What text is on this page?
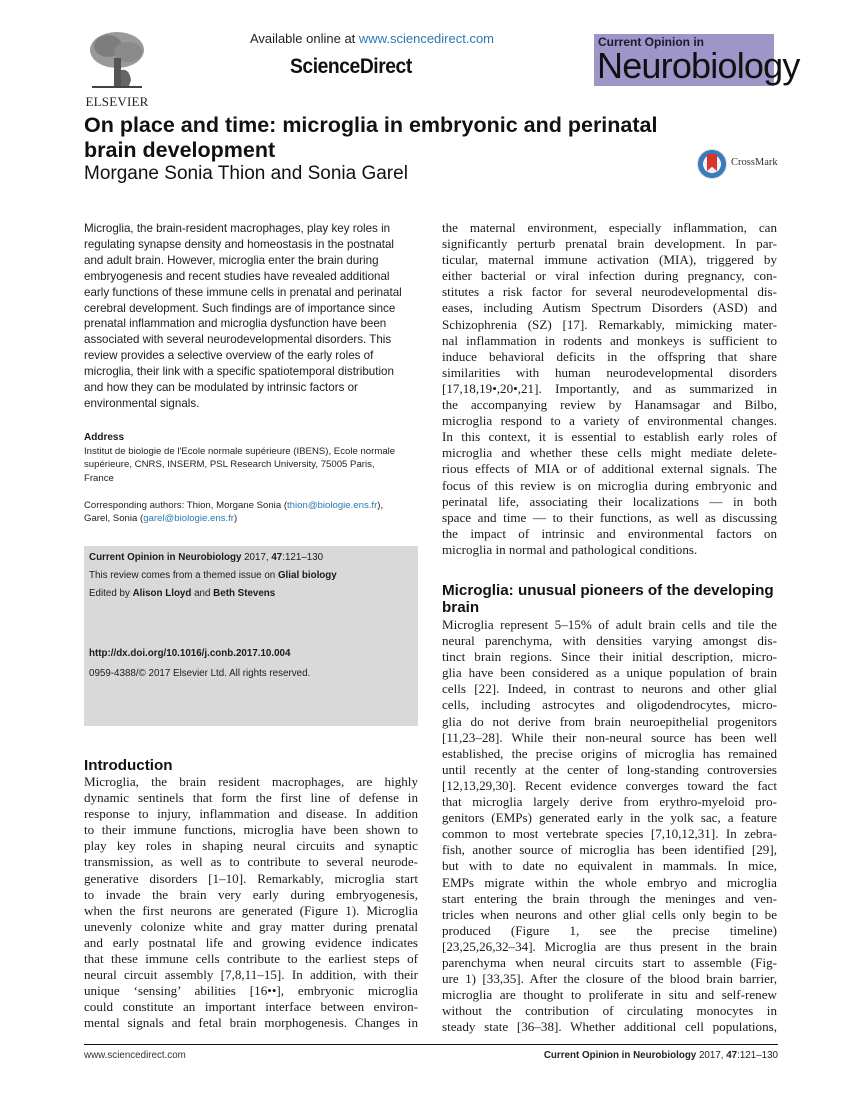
ELSEVIER
Available online at www.sciencedirect.com
ScienceDirect
Current Opinion in
Neurobiology
On place and time: microglia in embryonic and perinatal
brain development
Morgane Sonia Thion and Sonia Garel
CrossMark
Microglia, the brain-resident macrophages, play key roles in
regulating synapse density and homeostasis in the postnatal
and adult brain. However, microglia enter the brain during
embryogenesis and recent studies have revealed additional
early functions of these immune cells in prenatal and perinatal
cerebral development. Such findings are of importance since
prenatal inflammation and microglia dysfunction have been
associated with several neurodevelopmental disorders. This
review provides a selective overview of the early roles of
microglia, their link with a specific spatiotemporal distribution
and how they can be modulated by intrinsic factors or
environmental signals.
Address
Institut de biologie de l'Ecole normale supérieure (IBENS), Ecole normale
supérieure, CNRS, INSERM, PSL Research University, 75005 Paris,
France
Corresponding authors: Thion, Morgane Sonia (thion@biologie.ens.fr),
Garel, Sonia (garel@biologie.ens.fr)
Current Opinion in Neurobiology 2017, 47:121–130
This review comes from a themed issue on Glial biology
Edited by Alison Lloyd and Beth Stevens
http://dx.doi.org/10.1016/j.conb.2017.10.004
0959-4388/© 2017 Elsevier Ltd. All rights reserved.
Introduction
Microglia, the brain resident macrophages, are highly
dynamic sentinels that form the first line of defense in
response to injury, inflammation and disease. In addition
to their immune functions, microglia have been shown to
play key roles in shaping neural circuits and synaptic
transmission, as well as to contribute to several neurode-
generative disorders [1–10]. Remarkably, microglia start
to invade the brain very early during embryogenesis,
when the first neurons are generated (Figure 1). Microglia
unevenly colonize white and gray matter during prenatal
and early postnatal life and growing evidence indicates
that these immune cells contribute to the earliest steps of
neural circuit assembly [7,8,11–15]. In addition, with their
unique ‘sensing’ abilities [16••], embryonic microglia
could constitute an important interface between environ-
mental signals and fetal brain morphogenesis. Changes in
the maternal environment, especially inflammation, can
significantly perturb prenatal brain development. In par-
ticular, maternal immune activation (MIA), triggered by
either bacterial or viral infection during pregnancy, con-
stitutes a risk factor for several neurodevelopmental dis-
eases, including Autism Spectrum Disorders (ASD) and
Schizophrenia (SZ) [17]. Remarkably, mimicking mater-
nal inflammation in rodents and monkeys is sufficient to
induce behavioral deficits in the offspring that share
similarities with human neurodevelopmental disorders
[17,18,19•,20•,21]. Importantly, and as summarized in
the accompanying review by Hanamsagar and Bilbo,
microglia respond to a variety of environmental changes.
In this context, it is essential to establish early roles of
microglia and whether these cells might mediate delete-
rious effects of MIA or of additional external signals. The
focus of this review is on microglia during embryonic and
perinatal life, associating their localizations — in both
space and time — to their functions, as well as discussing
the impact of intrinsic and environmental factors on
microglia in normal and pathological conditions.
Microglia: unusual pioneers of the developing
brain
Microglia represent 5–15% of adult brain cells and tile the
neural parenchyma, with densities varying amongst dis-
tinct brain regions. Since their initial description, micro-
glia have been considered as a unique population of brain
cells [22]. Indeed, in contrast to neurons and other glial
cells, including astrocytes and oligodendrocytes, micro-
glia do not derive from brain neuroepithelial progenitors
[11,23–28]. While their non-neural source has been well
established, the precise origins of microglia has remained
until recently at the center of long-standing controversies
[12,13,29,30]. Recent evidence converges toward the fact
that microglia largely derive from erythro-myeloid pro-
genitors (EMPs) generated early in the yolk sac, a feature
common to most vertebrate species [7,10,12,31]. In zebra-
fish, another source of microglia has been identified [29],
but with to date no equivalent in mammals. In mice,
EMPs migrate within the whole embryo and microglia
start entering the brain through the meninges and ven-
tricles when neurons and other glial cells only begin to be
produced (Figure 1, see the precise timeline)
[23,25,26,32–34]. Microglia are thus present in the brain
parenchyma when neural circuits start to assemble (Fig-
ure 1) [33,35]. After the closure of the blood brain barrier,
microglia are thought to proliferate in situ and self-renew
without the contribution of circulating monocytes in
steady state [36–38]. Whether additional cell populations,
www.sciencedirect.com	Current Opinion in Neurobiology 2017, 47:121–130
